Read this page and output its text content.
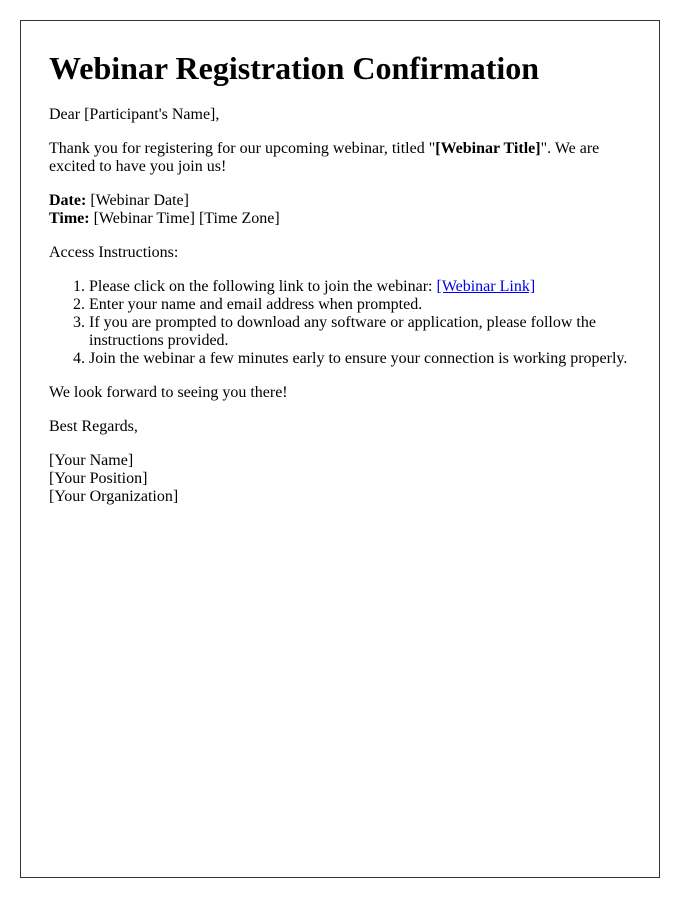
Webinar Registration Confirmation

Dear [Participant's Name],

Thank you for registering for our upcoming webinar, titled "[Webinar Title]". We are excited to have you join us!

Date: [Webinar Date]
Time: [Webinar Time] [Time Zone]

Access Instructions:

1. Please click on the following link to join the webinar: [Webinar Link]
2. Enter your name and email address when prompted.
3. If you are prompted to download any software or application, please follow the instructions provided.
4. Join the webinar a few minutes early to ensure your connection is working properly.

We look forward to seeing you there!

Best Regards,

[Your Name]
[Your Position]
[Your Organization]
